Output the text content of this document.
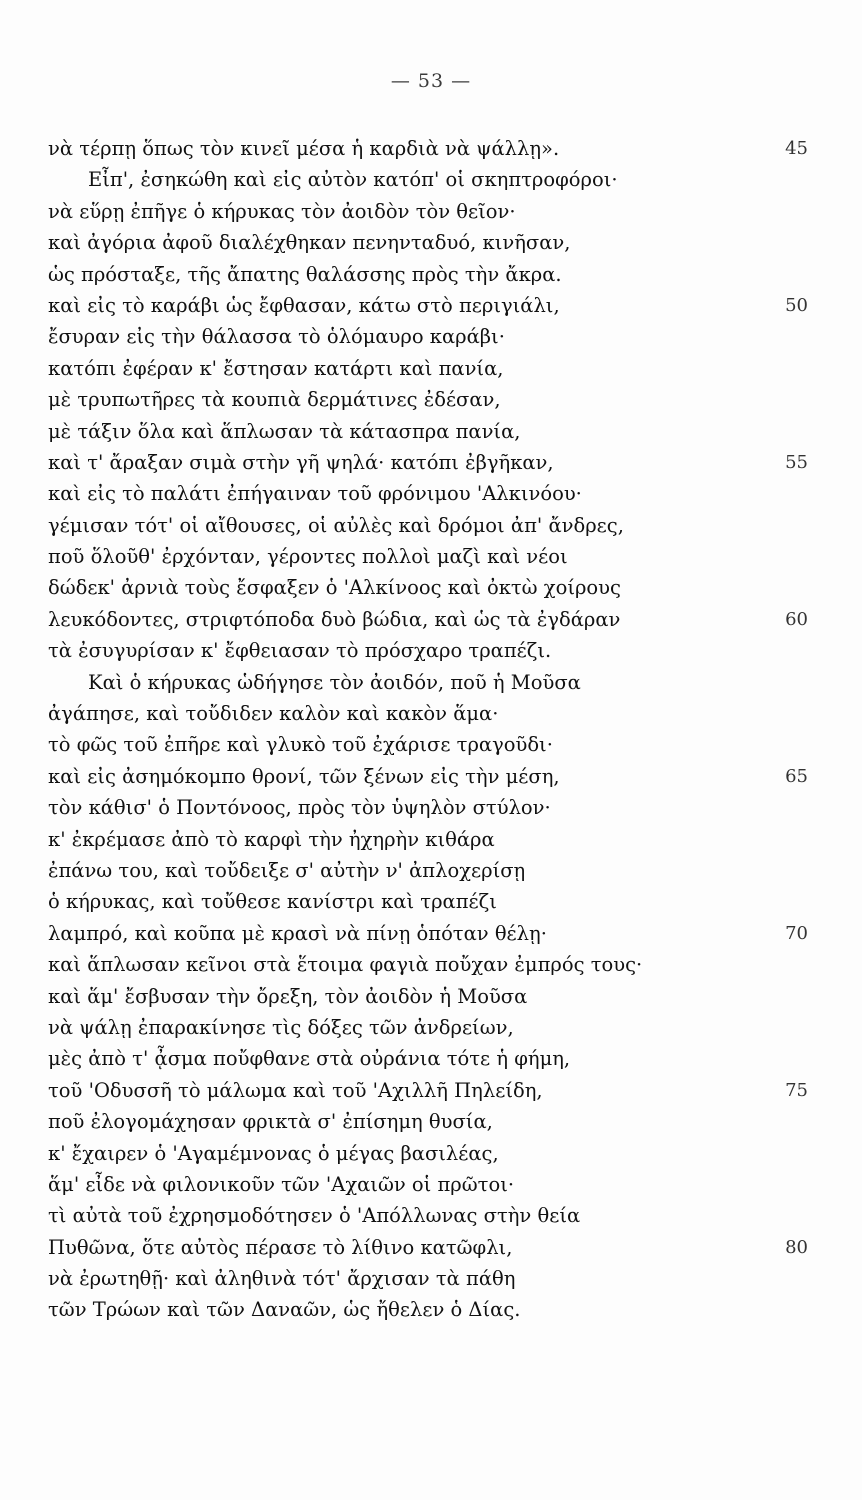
— 53 —
νὰ τέρπῃ ὅπως τὸν κινεῖ μέσα ἡ καρδιὰ νὰ ψάλλῃ».	45
Εἶπ', ἐσηκώθη καὶ εἰς αὐτὸν κατόπ' οἱ σκηπτροφόροι·
νὰ εὕρῃ ἐπῆγε ὁ κήρυκας τὸν ἀοιδὸν τὸν θεῖον·
καὶ ἀγόρια ἀφοῦ διαλέχθηκαν πενηνταδυό, κινῆσαν,
ὡς πρόσταξε, τῆς ἄπατης θαλάσσης πρὸς τὴν ἄκρα.
καὶ εἰς τὸ καράβι ὡς ἔφθασαν, κάτω στὸ περιγιάλι,	50
ἔσυραν εἰς τὴν θάλασσα τὸ ὁλόμαυρο καράβι·
κατόπι ἐφέραν κ' ἔστησαν κατάρτι καὶ πανία,
μὲ τρυπωτῆρες τὰ κουπιὰ δερμάτινες ἐδέσαν,
μὲ τάξιν ὅλα καὶ ἅπλωσαν τὰ κάτασπρα πανία,
καὶ τ' ἄραξαν σιμὰ στὴν γῆ ψηλά· κατόπι ἐβγῆκαν,	55
καὶ εἰς τὸ παλάτι ἐπήγαιναν τοῦ φρόνιμου 'Αλκινόου·
γέμισαν τότ' οἱ αἴθουσες, οἱ αὐλὲς καὶ δρόμοι ἀπ' ἄνδρες,
ποῦ ὅλοῦθ' ἐρχόνταν, γέροντες πολλοὶ μαζὶ καὶ νέοι
δώδεκ' ἀρνιὰ τοὺς ἔσφαξεν ὁ 'Αλκίνοος καὶ ὀκτὼ χοίρους
λευκόδοντες, στριφτόποδα δυὸ βώδια, καὶ ὡς τὰ ἐγδάραν	60
τὰ ἐσυγυρίσαν κ' ἔφθειασαν τὸ πρόσχαρο τραπέζι.
Καὶ ὁ κήρυκας ὡδήγησε τὸν ἀοιδόν, ποῦ ἡ Μοῦσα
ἀγάπησε, καὶ τοὔδιδεν καλὸν καὶ κακὸν ἅμα·
τὸ φῶς τοῦ ἐπῆρε καὶ γλυκὸ τοῦ ἐχάρισε τραγοῦδι·
καὶ εἰς ἀσημόκομπο θρονί, τῶν ξένων εἰς τὴν μέση,	65
τὸν κάθισ' ὁ Ποντόνοος, πρὸς τὸν ὑψηλὸν στύλον·
κ' ἐκρέμασε ἀπὸ τὸ καρφὶ τὴν ἠχηρὴν κιθάρα
ἐπάνω του, καὶ τοὔδειξε σ' αὐτὴν ν' ἀπλοχερίσῃ
ὁ κήρυκας, καὶ τοὔθεσε κανίστρι καὶ τραπέζι
λαμπρό, καὶ κοῦπα μὲ κρασὶ νὰ πίνῃ ὁπόταν θέλῃ·	70
καὶ ἅπλωσαν κεῖνοι στὰ ἕτοιμα φαγιὰ ποὔχαν ἐμπρός τους·
καὶ ἅμ' ἔσβυσαν τὴν ὄρεξη, τὸν ἀοιδὸν ἡ Μοῦσα
νὰ ψάλῃ ἐπαρακίνησε τὶς δόξες τῶν ἀνδρείων,
μὲς ἀπὸ τ' ᾆσμα ποὔφθανε στὰ οὐράνια τότε ἡ φήμη,
τοῦ 'Οδυσσῆ τὸ μάλωμα καὶ τοῦ 'Αχιλλῆ Πηλείδη,	75
ποῦ ἐλογομάχησαν φρικτὰ σ' ἐπίσημη θυσία,
κ' ἔχαιρεν ὁ 'Αγαμέμνονας ὁ μέγας βασιλέας,
ἅμ' εἶδε νὰ φιλονικοῦν τῶν 'Αχαιῶν οἱ πρῶτοι·
τὶ αὐτὰ τοῦ ἐχρησμοδότησεν ὁ 'Απόλλωνας στὴν θεία
Πυθῶνα, ὅτε αὐτὸς πέρασε τὸ λίθινο κατῶφλι,	80
νὰ ἐρωτηθῇ· καὶ ἀληθινὰ τότ' ἄρχισαν τὰ πάθη
τῶν Τρώων καὶ τῶν Δαναῶν, ὡς ἤθελεν ὁ Δίας.
